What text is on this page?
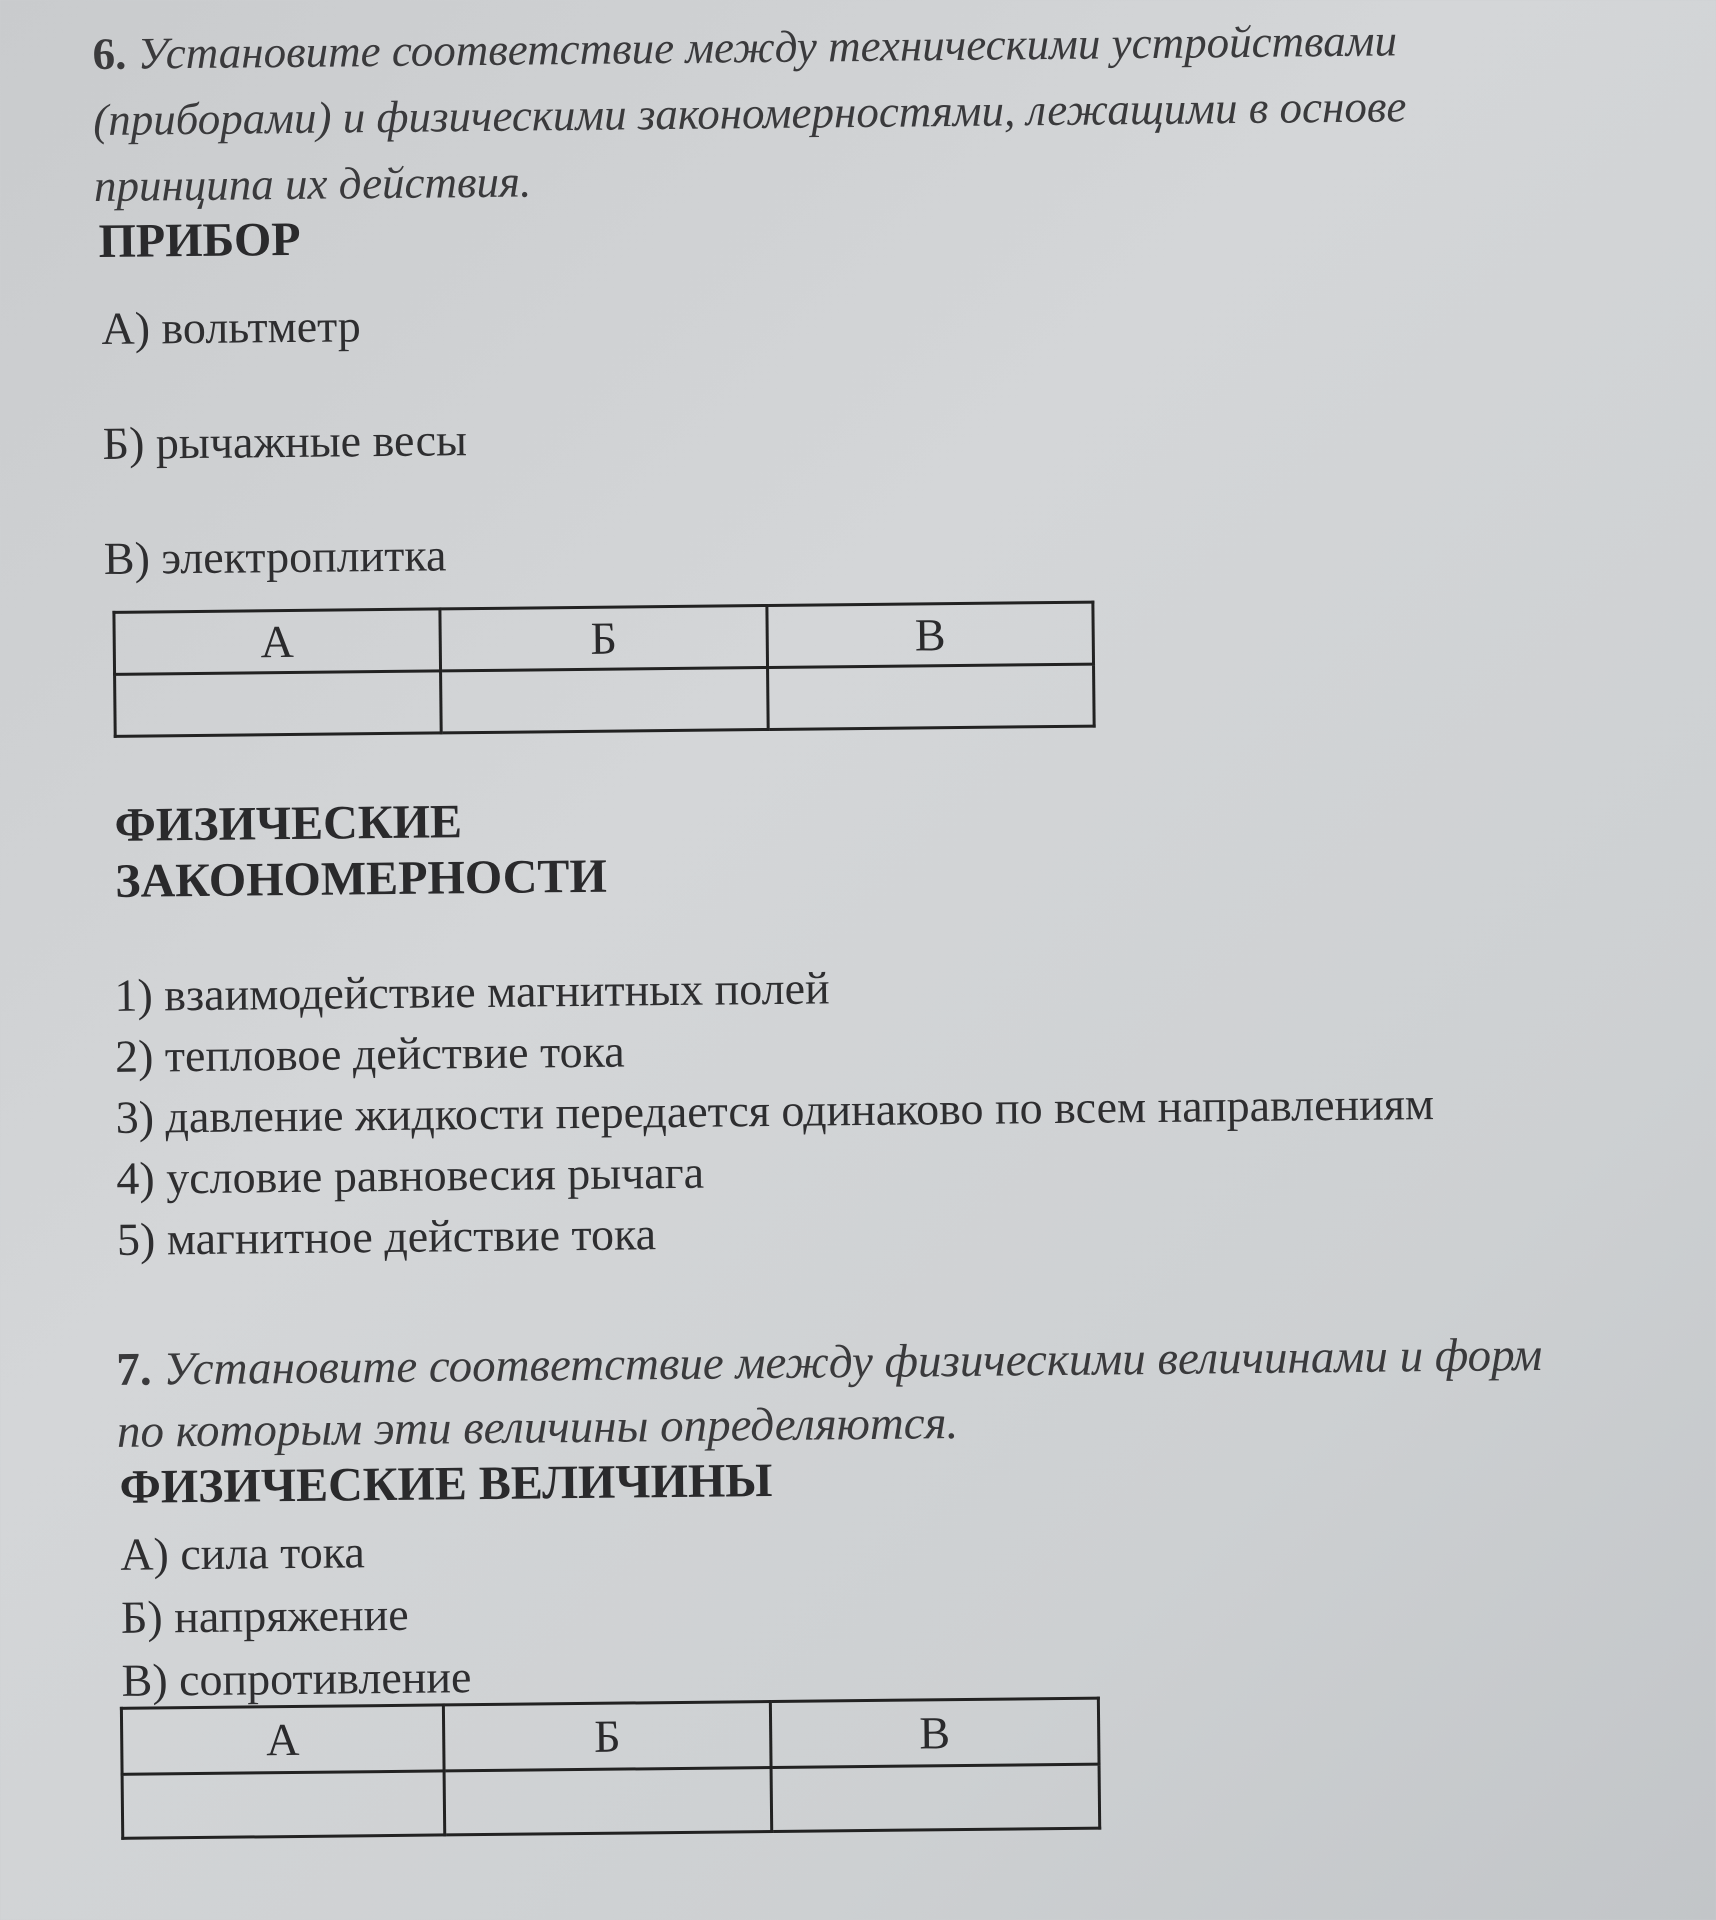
6. Установите соответствие между техническими устройствами

(приборами) и физическими закономерностями, лежащими в основе

принципа их действия.

ПРИБОР
А) вольтметр
Б) рычажные весы
В) электроплитка
А	Б	В

ФИЗИЧЕСКИЕ
ЗАКОНОМЕРНОСТИ
1) взаимодействие магнитных полей
2) тепловое действие тока
3) давление жидкости передается одинаково по всем направлениям
4) условие равновесия рычага
5) магнитное действие тока

7. Установите соответствие между физическими величинами и форм

по которым эти величины определяются.

ФИЗИЧЕСКИЕ ВЕЛИЧИНЫ
А) сила тока
Б) напряжение
В) сопротивление
А	Б	В
